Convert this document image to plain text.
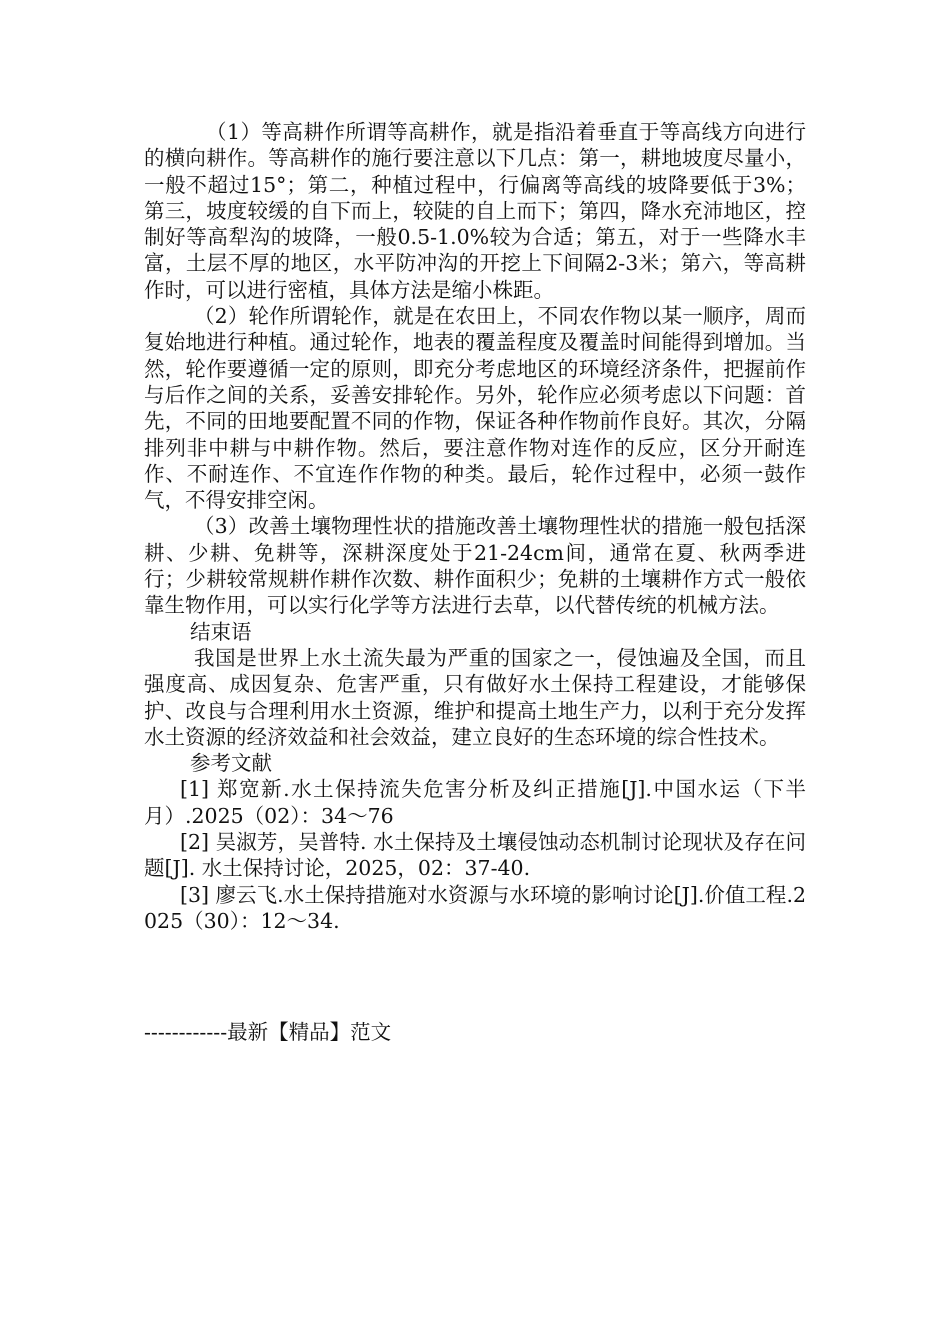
（1）等高耕作所谓等高耕作，就是指沿着垂直于等高线方向进行的横向耕作。等高耕作的施行要注意以下几点：第一，耕地坡度尽量小，一般不超过15°；第二，种植过程中，行偏离等高线的坡降要低于3%；第三，坡度较缓的自下而上，较陡的自上而下；第四，降水充沛地区，控制好等高犁沟的坡降，一般0.5-1.0%较为合适；第五，对于一些降水丰富，土层不厚的地区，水平防冲沟的开挖上下间隔2-3米；第六，等高耕作时，可以进行密植，具体方法是缩小株距。

（2）轮作所谓轮作，就是在农田上，不同农作物以某一顺序，周而复始地进行种植。通过轮作，地表的覆盖程度及覆盖时间能得到增加。当然，轮作要遵循一定的原则，即充分考虑地区的环境经济条件，把握前作与后作之间的关系，妥善安排轮作。另外，轮作应必须考虑以下问题：首先，不同的田地要配置不同的作物，保证各种作物前作良好。其次，分隔排列非中耕与中耕作物。然后，要注意作物对连作的反应，区分开耐连作、不耐连作、不宜连作作物的种类。最后，轮作过程中，必须一鼓作气，不得安排空闲。

（3）改善土壤物理性状的措施改善土壤物理性状的措施一般包括深耕、少耕、免耕等，深耕深度处于21-24cm间，通常在夏、秋两季进行；少耕较常规耕作耕作次数、耕作面积少；免耕的土壤耕作方式一般依靠生物作用，可以实行化学等方法进行去草，以代替传统的机械方法。

结束语

我国是世界上水土流失最为严重的国家之一，侵蚀遍及全国，而且强度高、成因复杂、危害严重，只有做好水土保持工程建设，才能够保护、改良与合理利用水土资源，维护和提高土地生产力，以利于充分发挥水土资源的经济效益和社会效益，建立良好的生态环境的综合性技术。

参考文献

[1] 郑宽新.水土保持流失危害分析及纠正措施[J].中国水运（下半月）.2025（02）：34～76

[2] 吴淑芳，吴普特. 水土保持及土壤侵蚀动态机制讨论现状及存在问题[J]. 水土保持讨论，2025，02：37-40.

[3] 廖云飞.水土保持措施对水资源与水环境的影响讨论[J].价值工程.2025（30）：12～34.

------------最新【精品】范文
